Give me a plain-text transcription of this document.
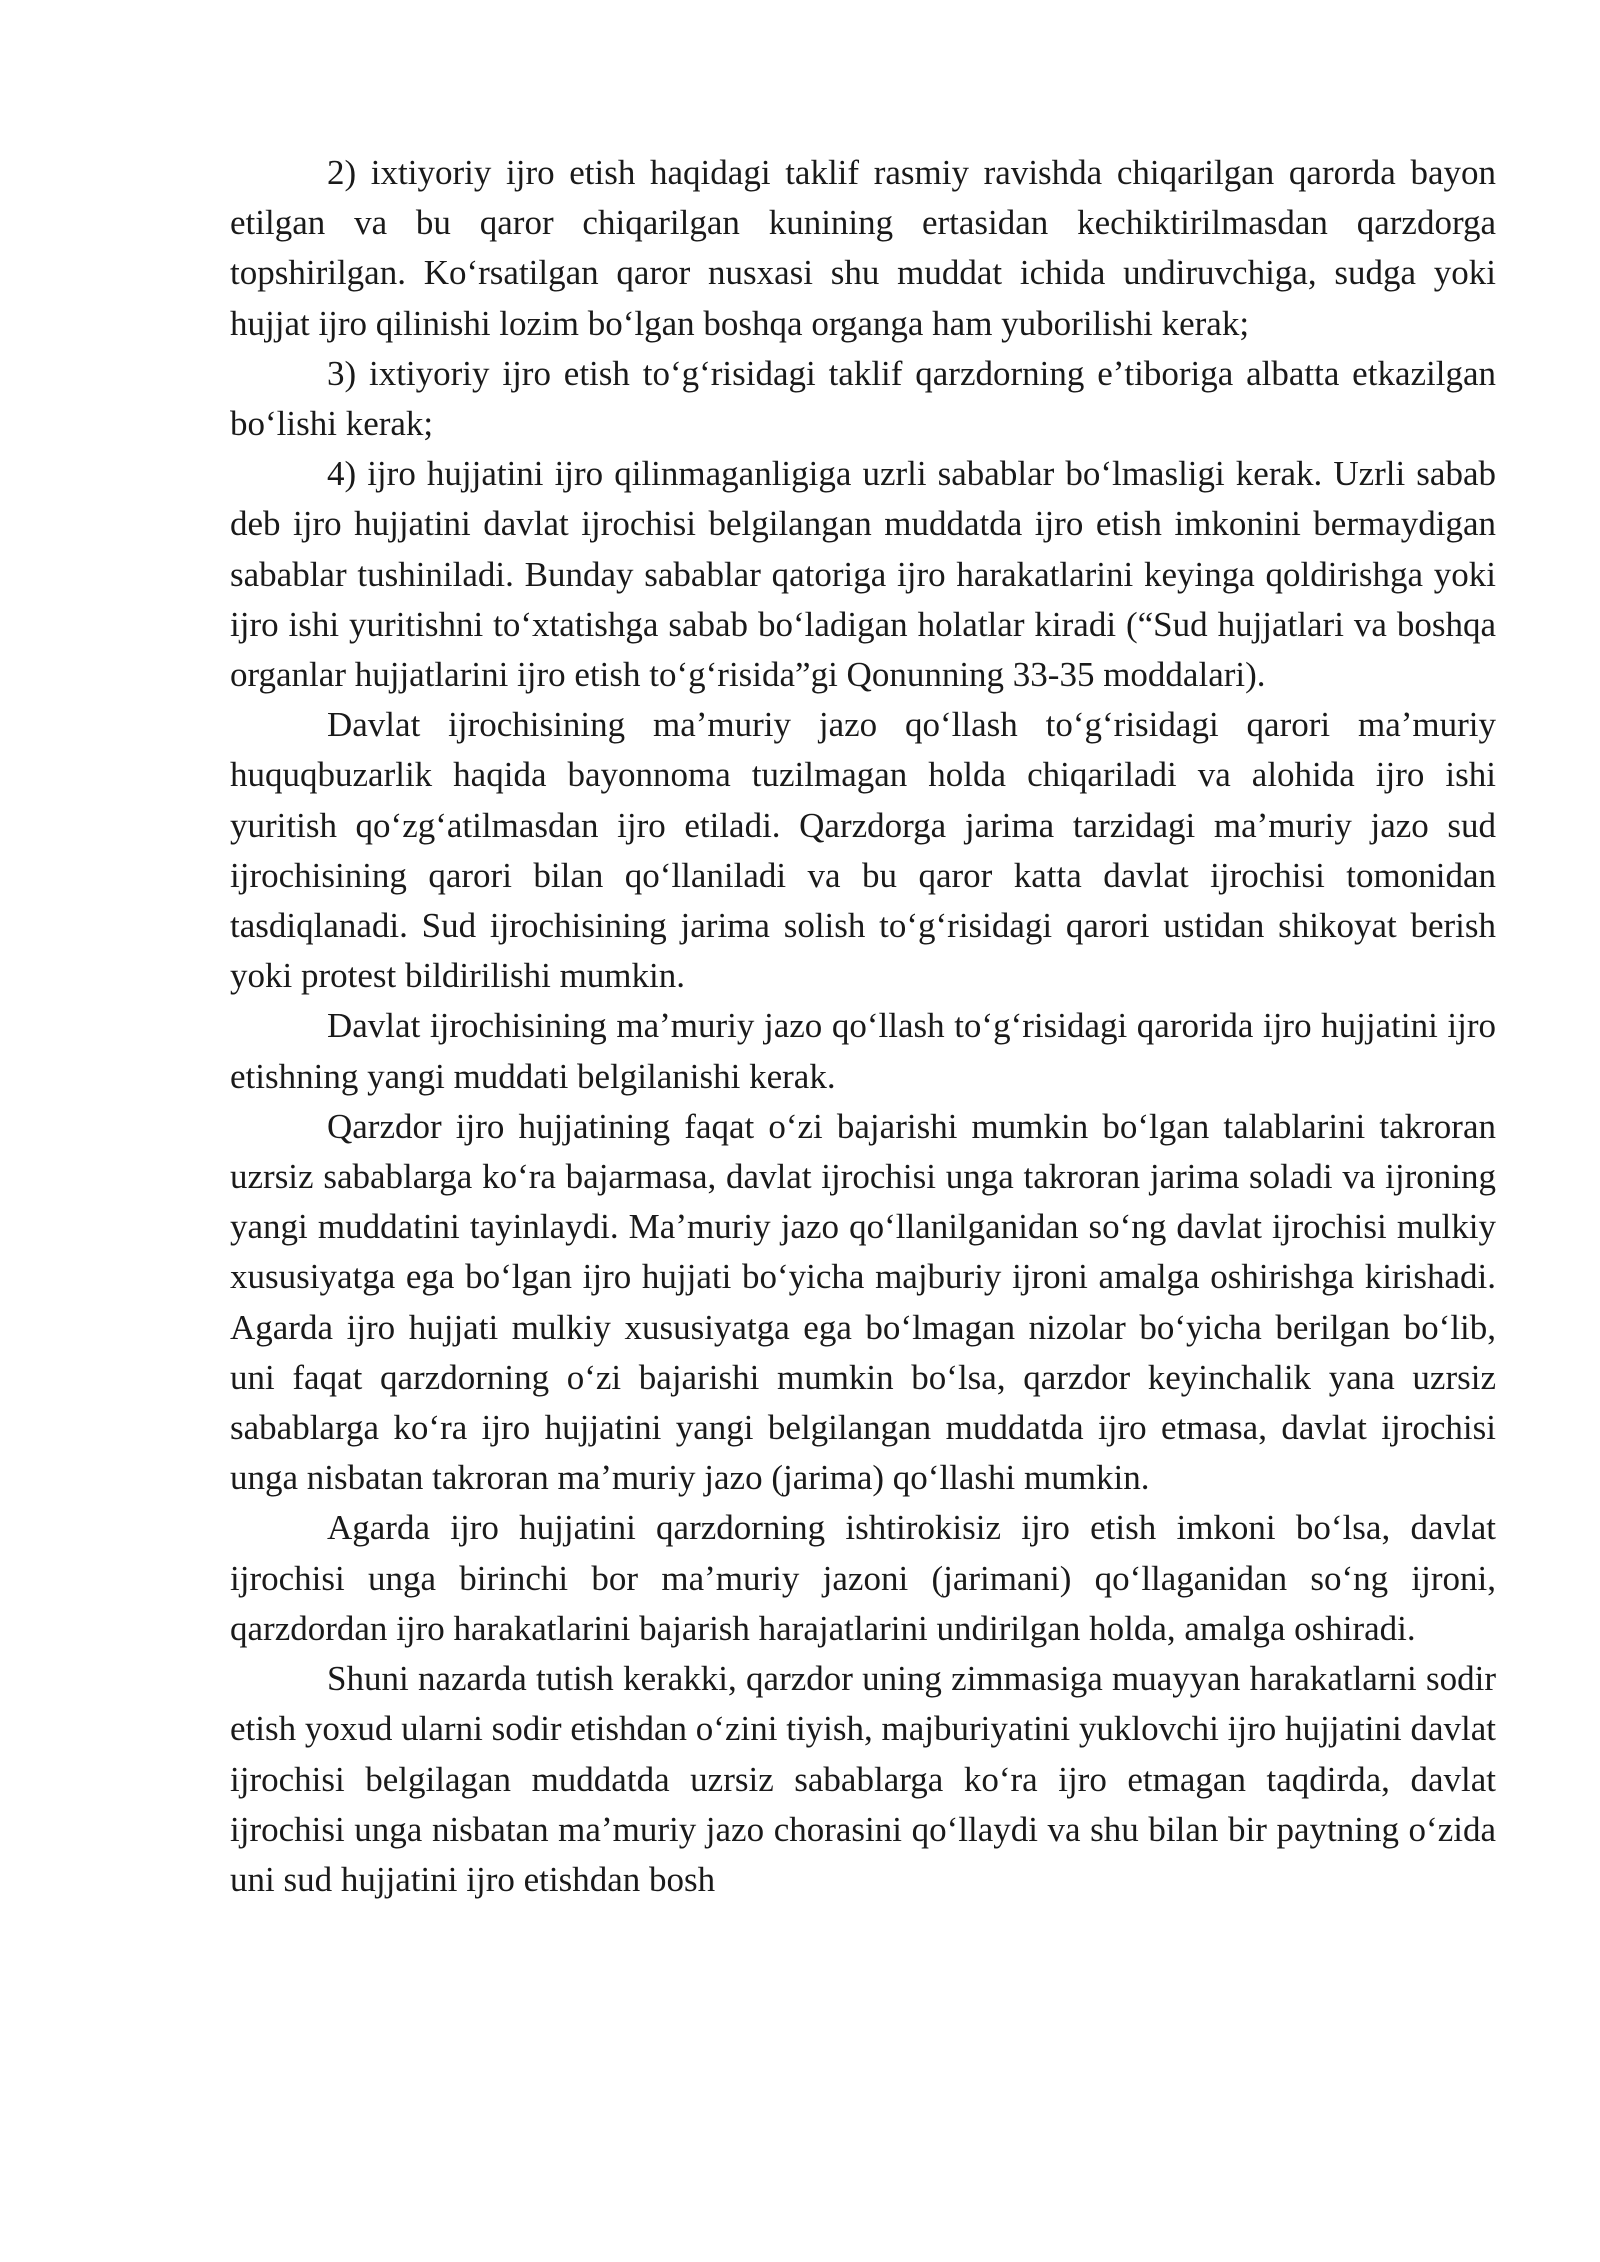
2) ixtiyoriy ijro etish haqidagi taklif rasmiy ravishda chiqarilgan qarorda bayon etilgan va bu qaror chiqarilgan kunining ertasidan kechiktirilmasdan qarzdorga topshirilgan. Koʻrsatilgan qaror nusxasi shu muddat ichida undiruvchiga, sudga yoki hujjat ijro qilinishi lozim boʻlgan boshqa organga ham yuborilishi kerak;

3) ixtiyoriy ijro etish toʻgʻrisidagi taklif qarzdorning eʼtiboriga albatta etkazilgan boʻlishi kerak;

4) ijro hujjatini ijro qilinmaganligiga uzrli sabablar boʻlmasligi kerak. Uzrli sabab deb ijro hujjatini davlat ijrochisi belgilangan muddatda ijro etish imkonini bermaydigan sabablar tushiniladi. Bunday sabablar qatoriga ijro harakatlarini keyinga qoldirishga yoki ijro ishi yuritishni toʻxtatishga sabab boʻladigan holatlar kiradi (“Sud hujjatlari va boshqa organlar hujjatlarini ijro etish toʻgʻrisida”gi Qonunning 33-35 moddalari).

Davlat ijrochisining maʼmuriy jazo qoʻllash toʻgʻrisidagi qarori maʼmuriy huquqbuzarlik haqida bayonnoma tuzilmagan holda chiqariladi va alohida ijro ishi yuritish qoʻzgʻatilmasdan ijro etiladi. Qarzdorga jarima tarzidagi maʼmuriy jazo sud ijrochisining qarori bilan qoʻllaniladi va bu qaror katta davlat ijrochisi tomonidan tasdiqlanadi. Sud ijrochisining jarima solish toʻgʻrisidagi qarori ustidan shikoyat berish yoki protest bildirilishi mumkin.

Davlat ijrochisining maʼmuriy jazo qoʻllash toʻgʻrisidagi qarorida ijro hujjatini ijro etishning yangi muddati belgilanishi kerak.

Qarzdor ijro hujjatining faqat oʻzi bajarishi mumkin boʻlgan talablarini takroran uzrsiz sabablarga koʻra bajarmasa, davlat ijrochisi unga takroran jarima soladi va ijroning yangi muddatini tayinlaydi. Maʼmuriy jazo qoʻllanilganidan soʻng davlat ijrochisi mulkiy xususiyatga ega boʻlgan ijro hujjati boʻyicha majburiy ijroni amalga oshirishga kirishadi. Agarda ijro hujjati mulkiy xususiyatga ega boʻlmagan nizolar boʻyicha berilgan boʻlib, uni faqat qarzdorning oʻzi bajarishi mumkin boʻlsa, qarzdor keyinchalik yana uzrsiz sabablarga koʻra ijro hujjatini yangi belgilangan muddatda ijro etmasa, davlat ijrochisi unga nisbatan takroran maʼmuriy jazo (jarima) qoʻllashi mumkin.

Agarda ijro hujjatini qarzdorning ishtirokisiz ijro etish imkoni boʻlsa, davlat ijrochisi unga birinchi bor maʼmuriy jazoni (jarimani) qoʻllaganidan soʻng ijroni, qarzdordan ijro harakatlarini bajarish harajatlarini undirilgan holda, amalga oshiradi.

Shuni nazarda tutish kerakki, qarzdor uning zimmasiga muayyan harakatlarni sodir etish yoxud ularni sodir etishdan oʻzini tiyish, majburiyatini yuklovchi ijro hujjatini davlat ijrochisi belgilagan muddatda uzrsiz sabablarga koʻra ijro etmagan taqdirda, davlat ijrochisi unga nisbatan maʼmuriy jazo chorasini qoʻllaydi va shu bilan bir paytning oʻzida uni sud hujjatini ijro etishdan bosh
